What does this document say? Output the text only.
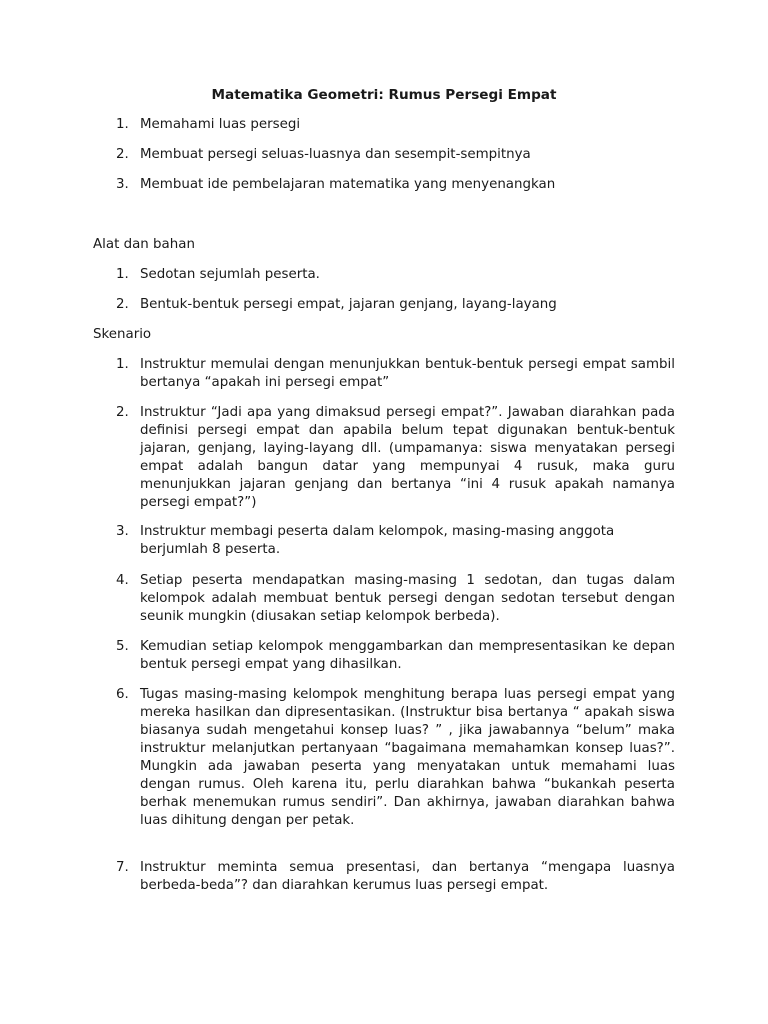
Matematika Geometri: Rumus Persegi Empat
1. Memahami luas persegi
2. Membuat persegi seluas-luasnya dan sesempit-sempitnya
3. Membuat ide pembelajaran matematika yang menyenangkan
Alat dan bahan
1. Sedotan sejumlah peserta.
2. Bentuk-bentuk persegi empat, jajaran genjang, layang-layang
Skenario
1. Instruktur memulai dengan menunjukkan bentuk-bentuk persegi empat sambil bertanya “apakah ini persegi empat”
2. Instruktur “Jadi apa yang dimaksud persegi empat?”. Jawaban diarahkan pada definisi persegi empat dan apabila belum tepat digunakan bentuk-bentuk jajaran, genjang, laying-layang dll. (umpamanya: siswa menyatakan persegi empat adalah bangun datar yang mempunyai 4 rusuk, maka guru menunjukkan jajaran genjang dan bertanya “ini 4 rusuk apakah namanya persegi empat?”)
3. Instruktur membagi peserta dalam kelompok, masing-masing anggota berjumlah 8 peserta.
4. Setiap peserta mendapatkan masing-masing 1 sedotan, dan tugas dalam kelompok adalah membuat bentuk persegi dengan sedotan tersebut dengan seunik mungkin (diusakan setiap kelompok berbeda).
5. Kemudian setiap kelompok menggambarkan dan mempresentasikan ke depan bentuk persegi empat yang dihasilkan.
6. Tugas masing-masing kelompok menghitung berapa luas persegi empat yang mereka hasilkan dan dipresentasikan. (Instruktur bisa bertanya “ apakah siswa biasanya sudah mengetahui konsep luas? ” , jika jawabannya “belum” maka instruktur melanjutkan pertanyaan “bagaimana memahamkan konsep luas?”. Mungkin ada jawaban peserta yang menyatakan untuk memahami luas dengan rumus. Oleh karena itu, perlu diarahkan bahwa “bukankah peserta berhak menemukan rumus sendiri”. Dan akhirnya, jawaban diarahkan bahwa luas dihitung dengan per petak.
7. Instruktur meminta semua presentasi, dan bertanya “mengapa luasnya berbeda-beda”? dan diarahkan kerumus luas persegi empat.
